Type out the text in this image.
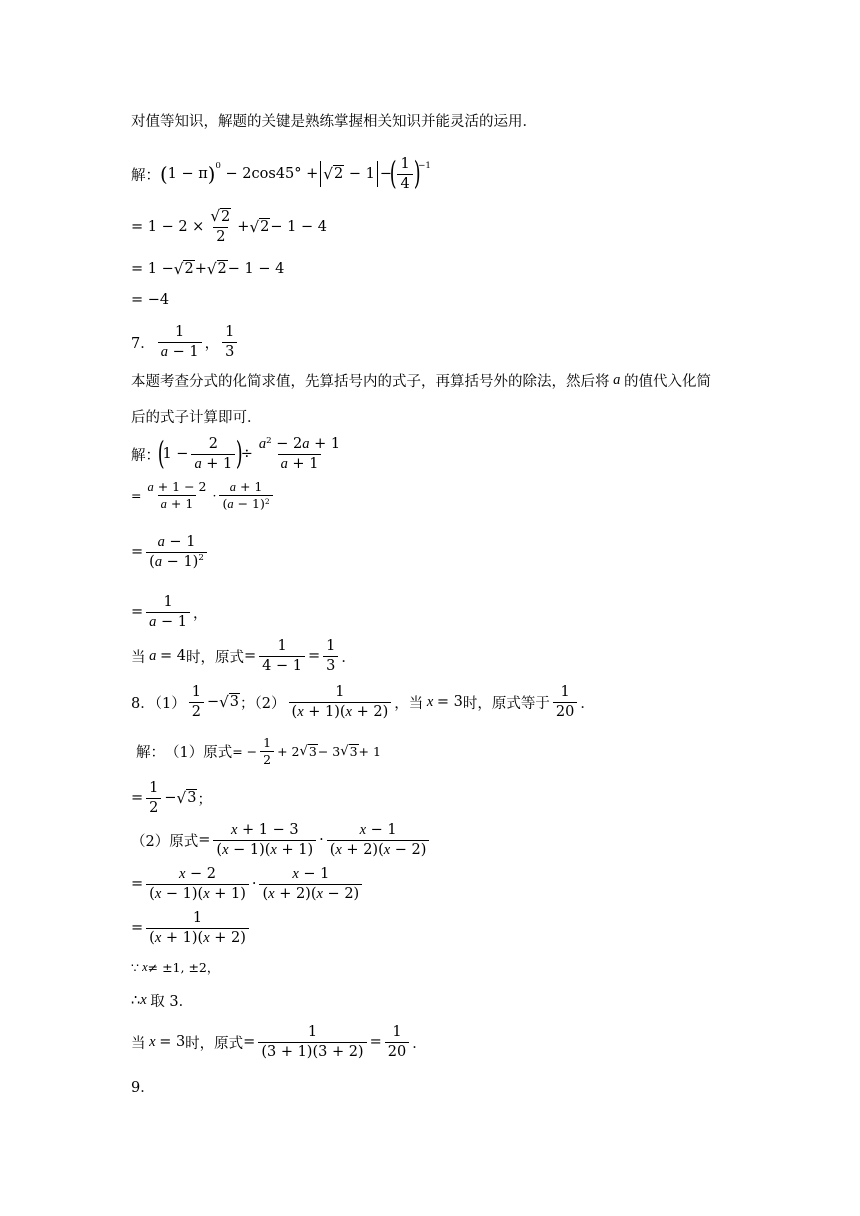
对值等知识，解题的关键是熟练掌握相关知识并能灵活的运用．
解： ( 1 − π ) 0 − 2cos45° + √ 2 − 1 −
( $\frac{1}{4}$ )
−1
= $1 - 2 \times \frac{√ 2}{2}$ + √ 2 − 1 − 4
= 1 − √ 2 + √ 2 − 1 − 4
= −4
7． $\frac{1}{a - 1}$ ， $\frac{1}{3}$
本题考查分式的化简求值，先算括号内的式子，再算括号外的除法，然后将 a 的值代入化简
后的式子计算即可．
解：
(
$1 - \frac{2}{a + 1}$ )
÷ $\frac{a^2 - 2a + 1}{a + 1}$
= $\frac{a + 1 - 2}{a + 1} \cdot \frac{a + 1}{(a - 1)^2}$
= $\frac{a - 1}{(a - 1)^2}$
= $\frac{1}{a - 1}$ ，
当 a = 4 时，原式 = $\frac{1}{4 - 1} = \frac{1}{3}$ ．
8．$(1) \frac{1}{2}$ − √ 3 ；$(2) \frac{1}{(x + 1)(x + 2)}$ ，当 x = 3 时，原式等于 $\frac{1}{20}$ ．
解： （1）原式 = − $\frac{1}{2} + 2$ √ 3 − 3 √ 3 + 1
= $\frac{1}{2}$ − √ 3 ；
（2）原式 = $\frac{x + 1 - 3}{(x - 1)(x + 1)} \cdot \frac{x - 1}{(x + 2)(x - 2)}$
= $\frac{x - 2}{(x - 1)(x + 1)} \cdot \frac{x - 1}{(x + 2)(x - 2)}$
= $\frac{1}{(x + 1)(x + 2)}$
∵ x ≠ ±1, ±2 ，
∴ x 取 3．
当 x = 3 时，原式 = $\frac{1}{(3 + 1)(3 + 2)} = \frac{1}{20}$ ．
9．
